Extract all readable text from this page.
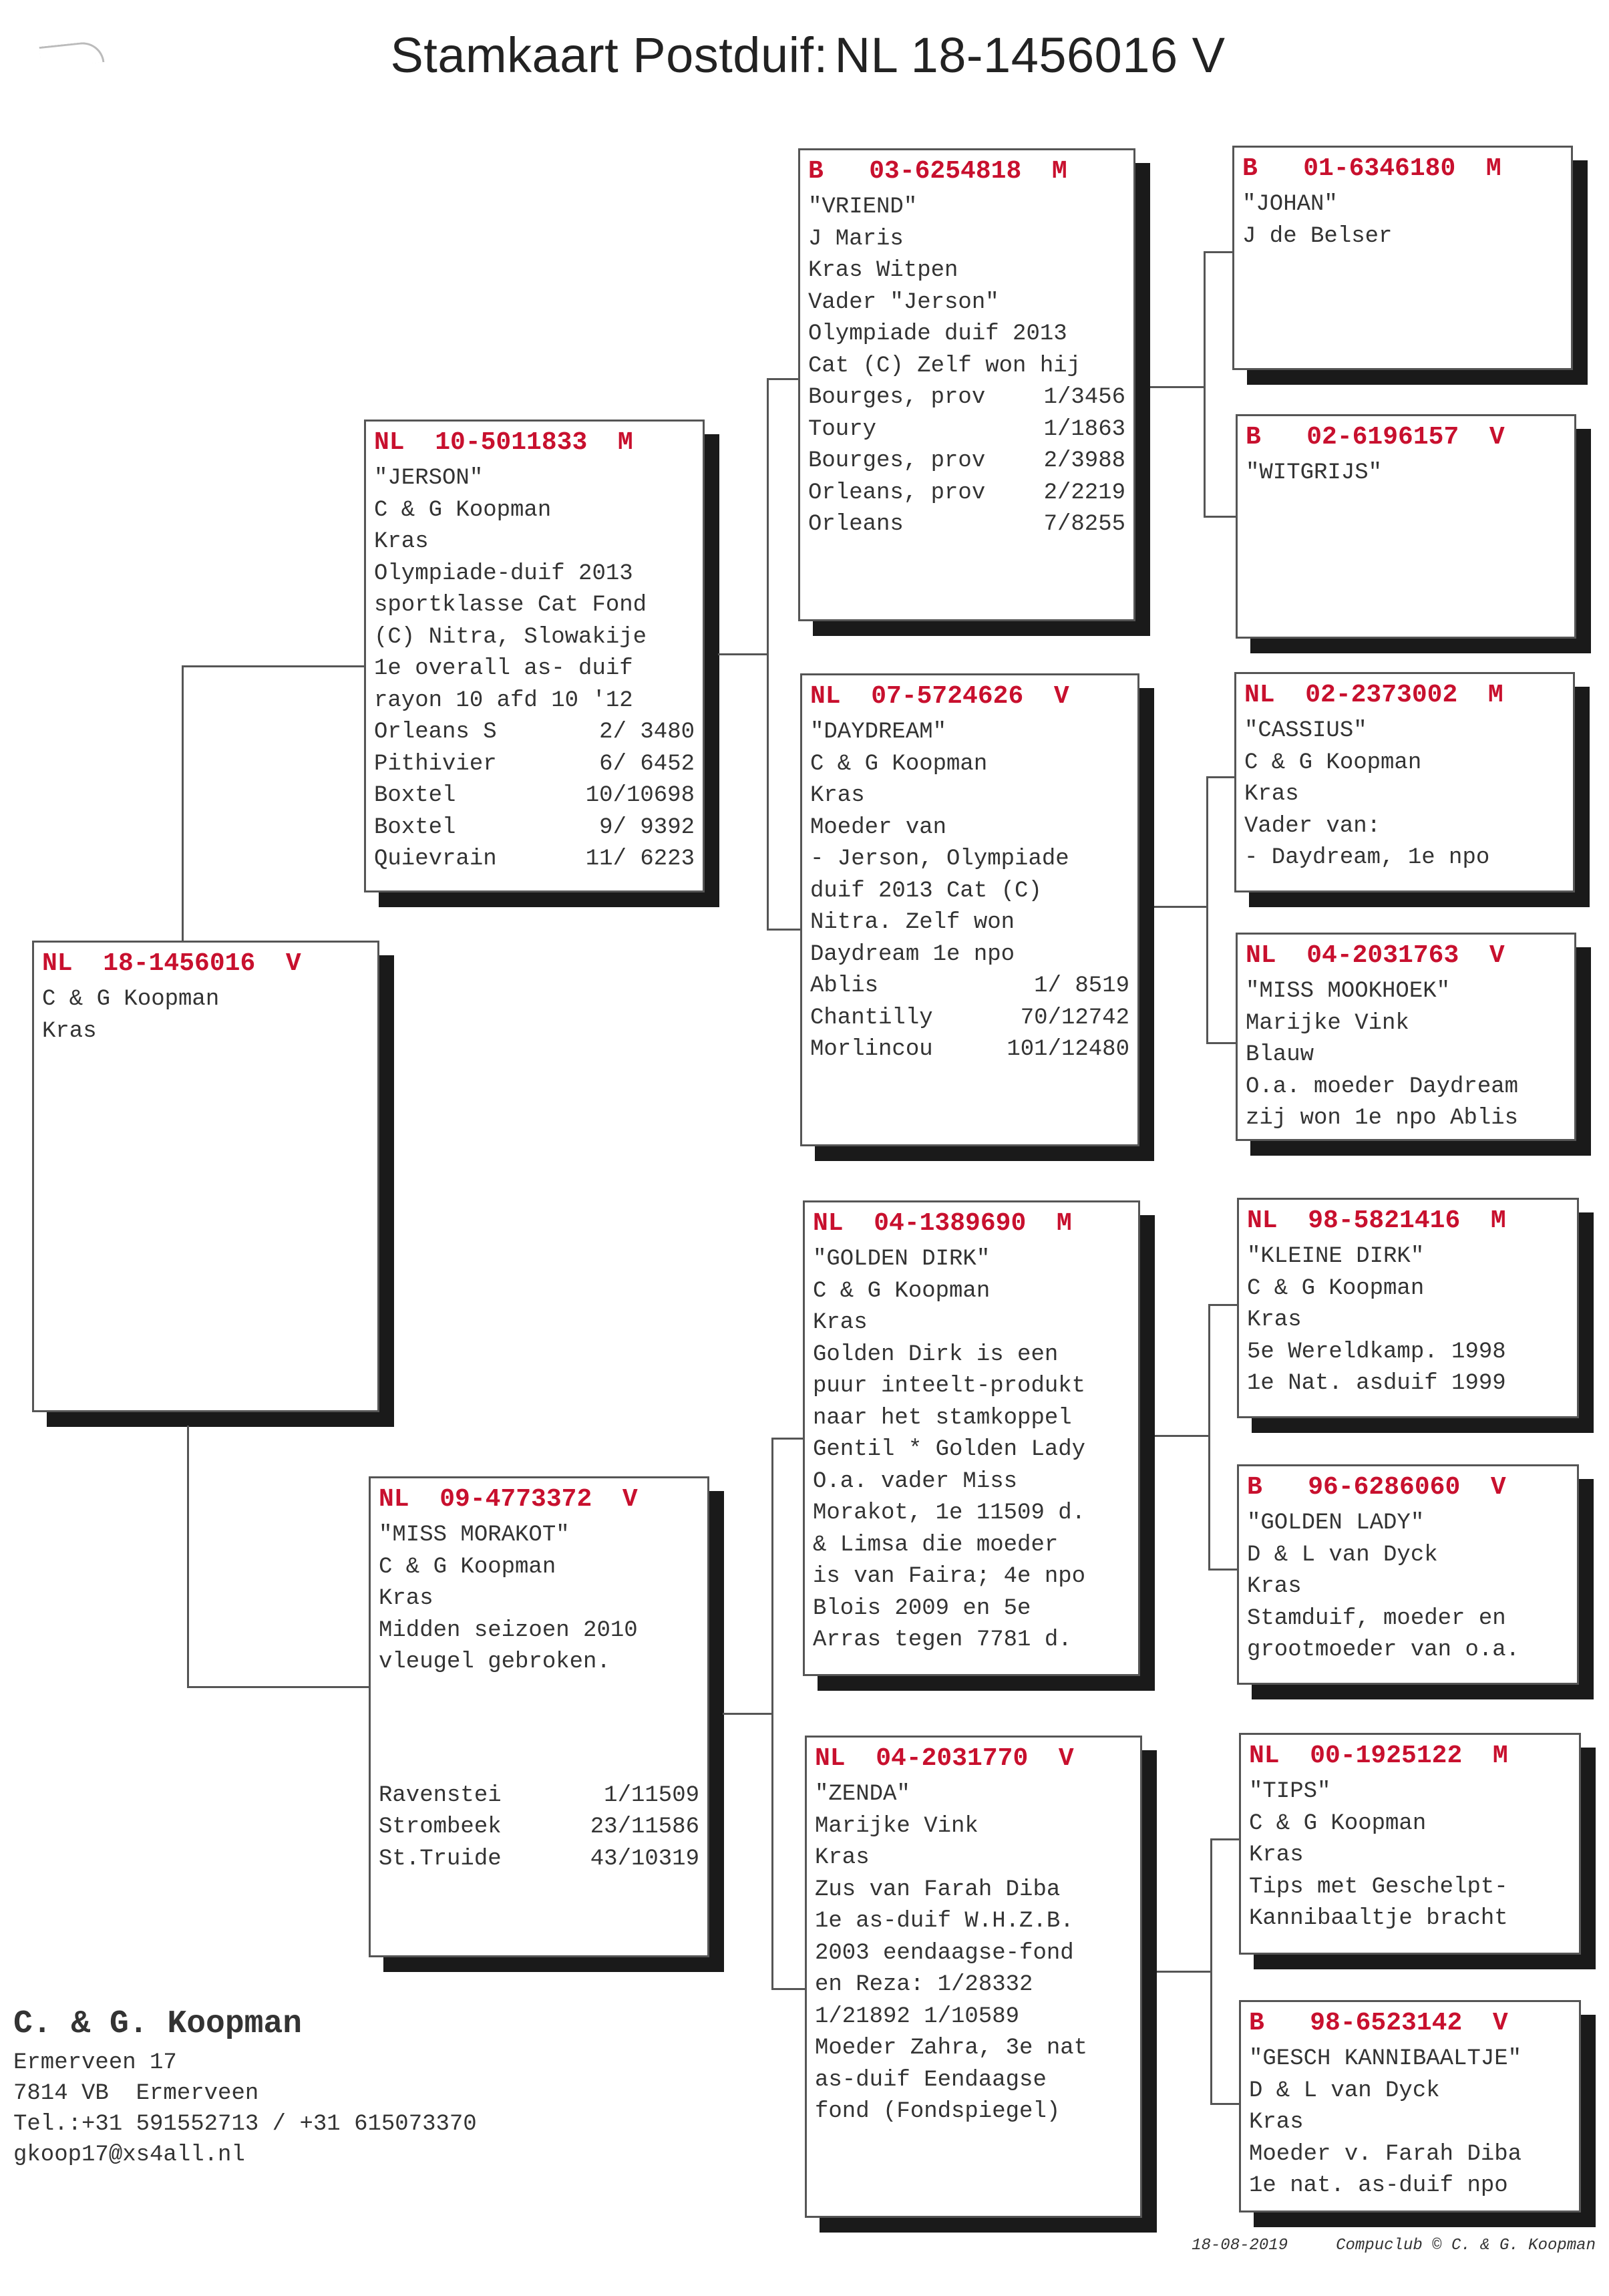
Stamkaart Postduif: NL 18-1456016 V
NL  18-1456016  V
C & G Koopman
Kras
NL  10-5011833  M
"JERSON"
C & G Koopman
Kras
Olympiade-duif 2013
sportklasse Cat Fond
(C) Nitra, Slowakije
1e overall as- duif
rayon 10 afd 10 '12
Orleans S	2/ 3480
Pithivier	6/ 6452
Boxtel	10/10698
Boxtel	9/ 9392
Quievrain	11/ 6223
NL  09-4773372  V
"MISS MORAKOT"
C & G Koopman
Kras
Midden seizoen 2010
vleugel gebroken.
Ravenstei	1/11509
Strombeek	23/11586
St.Truide	43/10319
B   03-6254818  M
"VRIEND"
J Maris
Kras Witpen
Vader "Jerson"
Olympiade duif 2013
Cat (C) Zelf won hij
Bourges, prov	1/3456
Toury	1/1863
Bourges, prov	2/3988
Orleans, prov	2/2219
Orleans	7/8255
NL  07-5724626  V
"DAYDREAM"
C & G Koopman
Kras
Moeder van
- Jerson, Olympiade
duif 2013 Cat (C)
Nitra. Zelf won
Daydream 1e npo
Ablis	1/ 8519
Chantilly	70/12742
Morlincou	101/12480
NL  04-1389690  M
"GOLDEN DIRK"
C & G Koopman
Kras
Golden Dirk is een
puur inteelt-produkt
naar het stamkoppel
Gentil * Golden Lady
O.a. vader Miss
Morakot, 1e 11509 d.
& Limsa die moeder
is van Faira; 4e npo
Blois 2009 en 5e
Arras tegen 7781 d.
NL  04-2031770  V
"ZENDA"
Marijke Vink
Kras
Zus van Farah Diba
1e as-duif W.H.Z.B.
2003 eendaagse-fond
en Reza: 1/28332
1/21892 1/10589
Moeder Zahra, 3e nat
as-duif Eendaagse
fond (Fondspiegel)
B   01-6346180  M
"JOHAN"
J de Belser
B   02-6196157  V
"WITGRIJS"
NL  02-2373002  M
"CASSIUS"
C & G Koopman
Kras
Vader van:
- Daydream, 1e npo
NL  04-2031763  V
"MISS MOOKHOEK"
Marijke Vink
Blauw
O.a. moeder Daydream
zij won 1e npo Ablis
NL  98-5821416  M
"KLEINE DIRK"
C & G Koopman
Kras
5e Wereldkamp. 1998
1e Nat. asduif 1999
B   96-6286060  V
"GOLDEN LADY"
D & L van Dyck
Kras
Stamduif, moeder en
grootmoeder van o.a.
NL  00-1925122  M
"TIPS"
C & G Koopman
Kras
Tips met Geschelpt-
Kannibaaltje bracht
B   98-6523142  V
"GESCH KANNIBAALTJE"
D & L van Dyck
Kras
Moeder v. Farah Diba
1e nat. as-duif npo
C. & G. Koopman
Ermerveen 17
7814 VB  Ermerveen
Tel.:+31 591552713 / +31 615073370
gkoop17@xs4all.nl
18-08-2019	Compuclub © C. & G. Koopman
